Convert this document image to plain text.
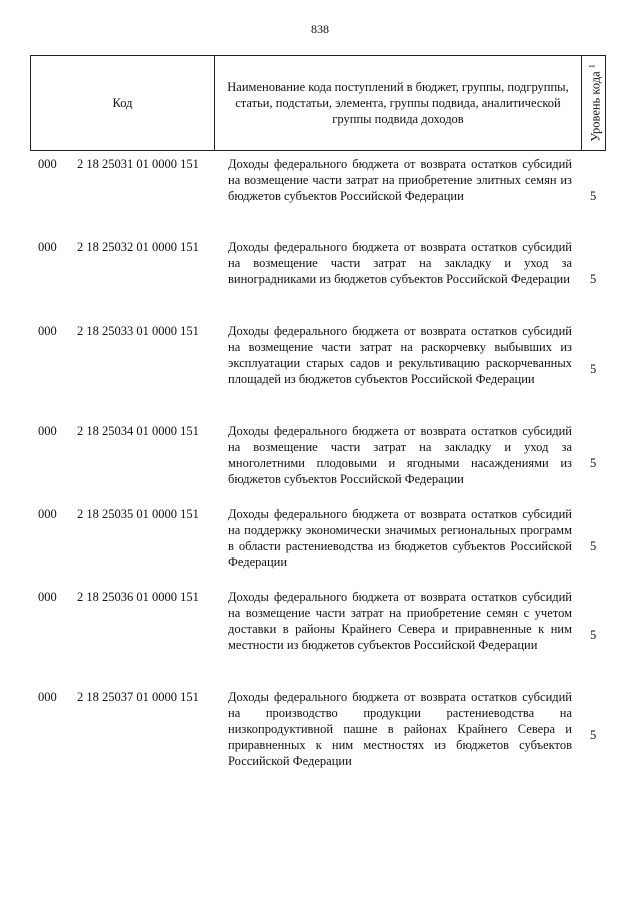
838
Код
Наименование кода поступлений в бюджет, группы, подгруппы, статьи, подстатьи, элемента, группы подвида, аналитической группы подвида доходов	Уровень кода $^1$
000 2 18 25031 01 0000 151 Доходы федерального бюджета от возврата остатков субсидий на возмещение части затрат на приобретение элитных семян из бюджетов субъектов Российской Федерации	5
000 2 18 25032 01 0000 151 Доходы федерального бюджета от возврата остатков субсидий на возмещение части затрат на закладку и уход за виноградниками из бюджетов субъектов Российской Федерации 5
000 2 18 25033 01 0000 151 Доходы федерального бюджета от возврата остатков субсидий на возмещение части затрат на раскорчевку выбывших из эксплуатации старых садов и рекультивацию раскорчеванных площадей из бюджетов субъектов Российской Федерации
5
000 2 18 25034 01 0000 151 Доходы федерального бюджета от возврата остатков субсидий на возмещение части затрат на закладку и уход за многолетними плодовыми и ягодными насаждениями из бюджетов субъектов Российской Федерации
5
000 2 18 25035 01 0000 151 Доходы федерального бюджета от возврата остатков субсидий на поддержку экономически значимых региональных программ в области растениеводства из бюджетов субъектов Российской Федерации
5
000 2 18 25036 01 0000 151 Доходы федерального бюджета от возврата остатков субсидий на возмещение части затрат на приобретение семян с учетом доставки в районы Крайнего Севера и приравненные к ним местности из бюджетов субъектов Российской Федерации
5
000 2 18 25037 01 0000 151 Доходы федерального бюджета от возврата остатков субсидий на производство продукции растениеводства на низкопродуктивной пашне в районах Крайнего Севера и приравненных к ним местностях из бюджетов субъектов Российской Федерации
5
